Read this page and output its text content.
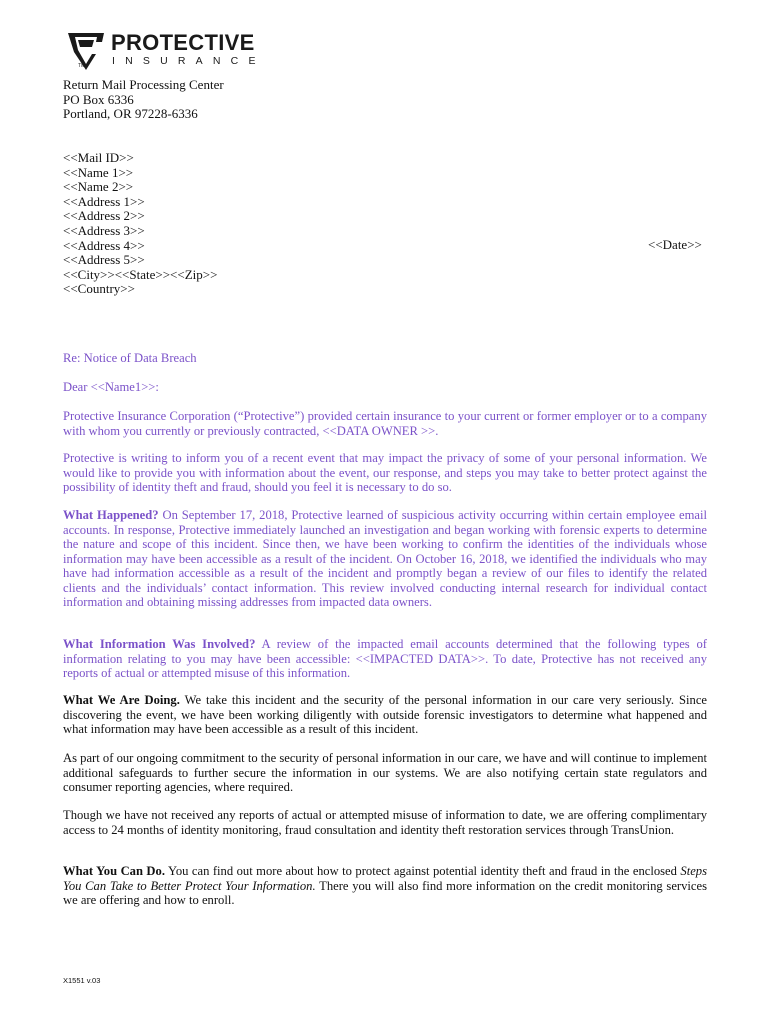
PROTECTIVE
INSURANCE
TM
Return Mail Processing Center
PO Box 6336
Portland, OR 97228-6336
<<Mail ID>>
<<Name 1>>
<<Name 2>>
<<Address 1>>
<<Address 2>>
<<Address 3>>
<<Address 4>>
<<Address 5>>
<<City>><<State>><<Zip>>
<<Country>>
<<Date>>
Re: Notice of Data Breach
Dear <<Name1>>:
Protective Insurance Corporation (“Protective”) provided certain insurance to your current or former employer or to a company with whom you currently or previously contracted, <<DATA OWNER >>.
Protective is writing to inform you of a recent event that may impact the privacy of some of your personal information. We would like to provide you with information about the event, our response, and steps you may take to better protect against the possibility of identity theft and fraud, should you feel it is necessary to do so.
What Happened? On September 17, 2018, Protective learned of suspicious activity occurring within certain employee email accounts. In response, Protective immediately launched an investigation and began working with forensic experts to determine the nature and scope of this incident. Since then, we have been working to confirm the identities of the individuals whose information may have been accessible as a result of the incident. On October 16, 2018, we identified the individuals who may have had information accessible as a result of the incident and promptly began a review of our files to identify the related clients and the individuals’ contact information. This review involved conducting internal research for individual contact information and obtaining missing addresses from impacted data owners.
What Information Was Involved? A review of the impacted email accounts determined that the following types of information relating to you may have been accessible: <<IMPACTED DATA>>. To date, Protective has not received any reports of actual or attempted misuse of this information.
What We Are Doing. We take this incident and the security of the personal information in our care very seriously. Since discovering the event, we have been working diligently with outside forensic investigators to determine what happened and what information may have been accessible as a result of this incident.
As part of our ongoing commitment to the security of personal information in our care, we have and will continue to implement additional safeguards to further secure the information in our systems. We are also notifying certain state regulators and consumer reporting agencies, where required.
Though we have not received any reports of actual or attempted misuse of information to date, we are offering complimentary access to 24 months of identity monitoring, fraud consultation and identity theft restoration services through TransUnion.
What You Can Do. You can find out more about how to protect against potential identity theft and fraud in the enclosed Steps You Can Take to Better Protect Your Information. There you will also find more information on the credit monitoring services we are offering and how to enroll.
X1551 v.03
